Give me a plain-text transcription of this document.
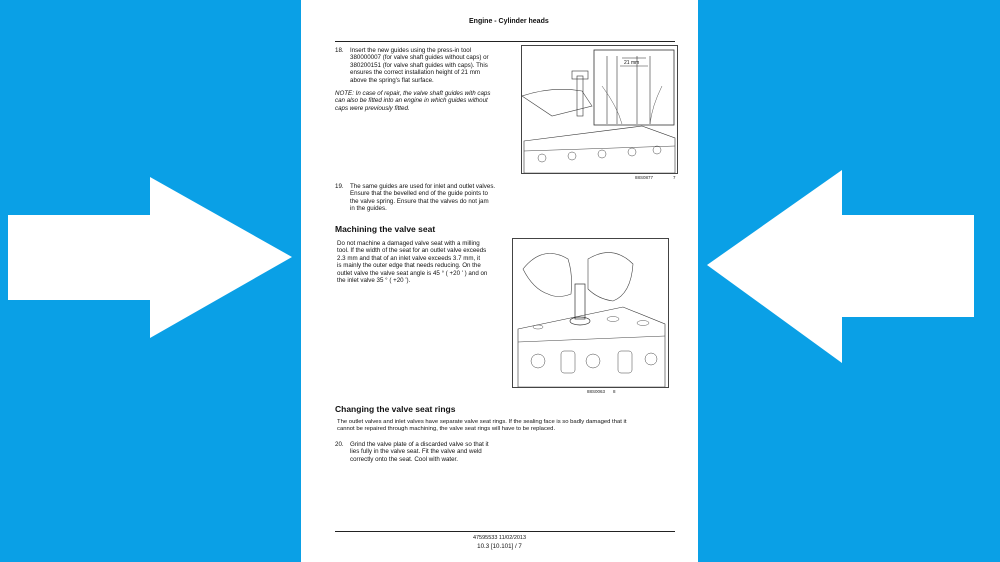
Engine - Cylinder heads
18. Insert the new guides using the press-in tool
380000007 (for valve shaft guides without caps) or
380200151 (for valve shaft guides with caps). This
ensures the correct installation height of 21 mm
above the spring's flat surface.
NOTE: In case of repair, the valve shaft guides with caps
can also be fitted into an engine in which guides without
caps were previously fitted.
21 mm
88S0877	7
19. The same guides are used for inlet and outlet valves.
Ensure that the bevelled end of the guide points to
the valve spring. Ensure that the valves do not jam
in the guides.
Machining the valve seat
Do not machine a damaged valve seat with a milling
tool. If the width of the seat for an outlet valve exceeds
2.3 mm and that of an inlet valve exceeds 3.7 mm, it
is mainly the outer edge that needs reducing. On the
outlet valve the valve seat angle is 45 ° ( +20 ' ) and on
the inlet valve 35 ° ( +20 ').
88S0063 8
Changing the valve seat rings
The outlet valves and inlet valves have separate valve seat rings. If the sealing face is so badly damaged that it
cannot be repaired through machining, the valve seat rings will have to be replaced.
20. Grind the valve plate of a discarded valve so that it
lies fully in the valve seat. Fit the valve and weld
correctly onto the seat. Cool with water.
47595533 11/02/2013
10.3 [10.101] / 7
